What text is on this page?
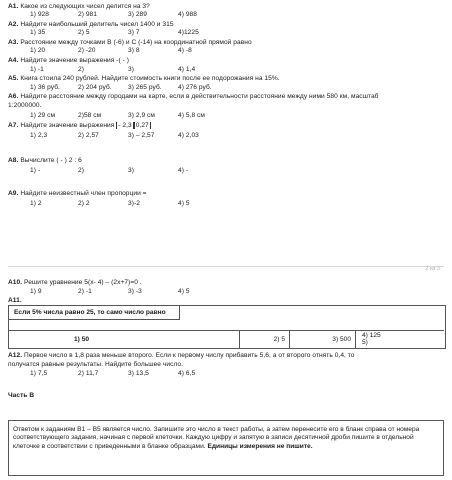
А1. Какое из следующих чисел делится на 3?
1) 928	2) 981	3) 289	4) 988
А2. Найдите наибольший делитель чисел 1400 и 315
1) 35	2) 5	3) 7	4)1225
А3. Расстояние между точками В (-6) и С (-14) на координатной прямой равно
1) 20	2) -20	3) 8	4) -8
А4. Найдите значение выражения -( - )
1) -1	2)	3)	4) 1,4
А5. Книга стоила 240 рублей. Найдите стоимость книги после ее подорожания на 15%.
1) 36 руб.	2) 204 руб. 3) 265 руб. 4) 276 руб.
А6. Найдите расстояние между городами на карте, если в действительности расстояние между ними 580 км, масштаб
1:2000000.
1) 29 см	2)58 см	3) 2,9 см	4) 5,8 см
А7. Найдите значение выражения - 2,3 0,27
1) 2,3	2) 2,57	3) – 2,57	4) 2,03
А8. Вычислите ( - ) 2 : 6
1) -	2)	3)	4) -
А9. Найдите неизвестный член пропорции =
1) 2	2) 2	3)-2	4) 5
2 из 3
А10. Решите уравнение 5(х- 4) – (2х+7)=0 .
1) 9	2) -1	3) -3	4) 5
А11.
Если 5% числа равно 25, то само число равно
1) 50	2) 5	3) 500
4) 125
5)
А12. Первое число в 1,8 раза меньше второго. Если к первому числу прибавить 5,6, а от второго отнять 0,4, то
получатся равные результаты. Найдите большее число.
1) 7,5	2) 11,7	3) 13,5	4) 6,5
Часть В
Ответом к заданиям В1 – В5 является число. Запишите это число в текст работы, а затем перенесите его в бланк справа от номера соответствующего задания, начиная с первой клеточки. Каждую цифру и запятую в записи десятичной дроби пишите в отдельной клеточке в соответствии с приведенными в бланке образцами. Единицы измерения не пишите.
